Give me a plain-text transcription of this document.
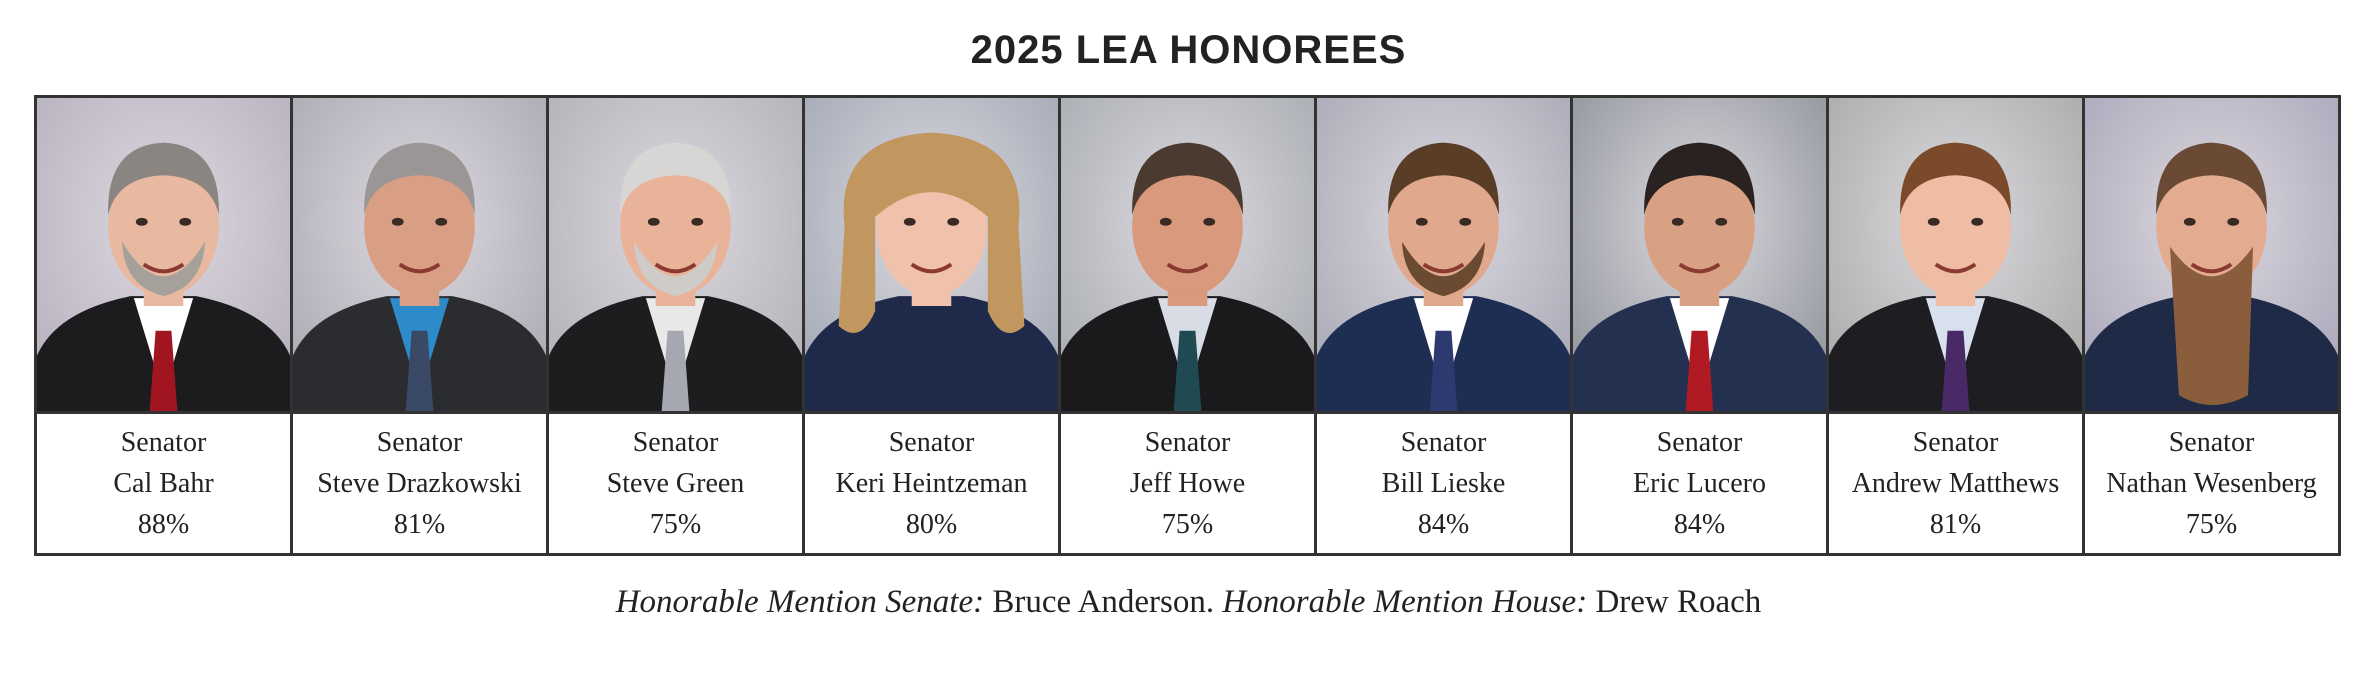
2025 LEA HONOREES
Senator
Cal Bahr
88%
Senator
Steve Drazkowski
81%
Senator
Steve Green
75%
Senator
Keri Heintzeman
80%
Senator
Jeff Howe
75%
Senator
Bill Lieske
84%
Senator
Eric Lucero
84%
Senator
Andrew Matthews
81%
Senator
Nathan Wesenberg
75%
Honorable Mention Senate: Bruce Anderson. Honorable Mention House: Drew Roach
